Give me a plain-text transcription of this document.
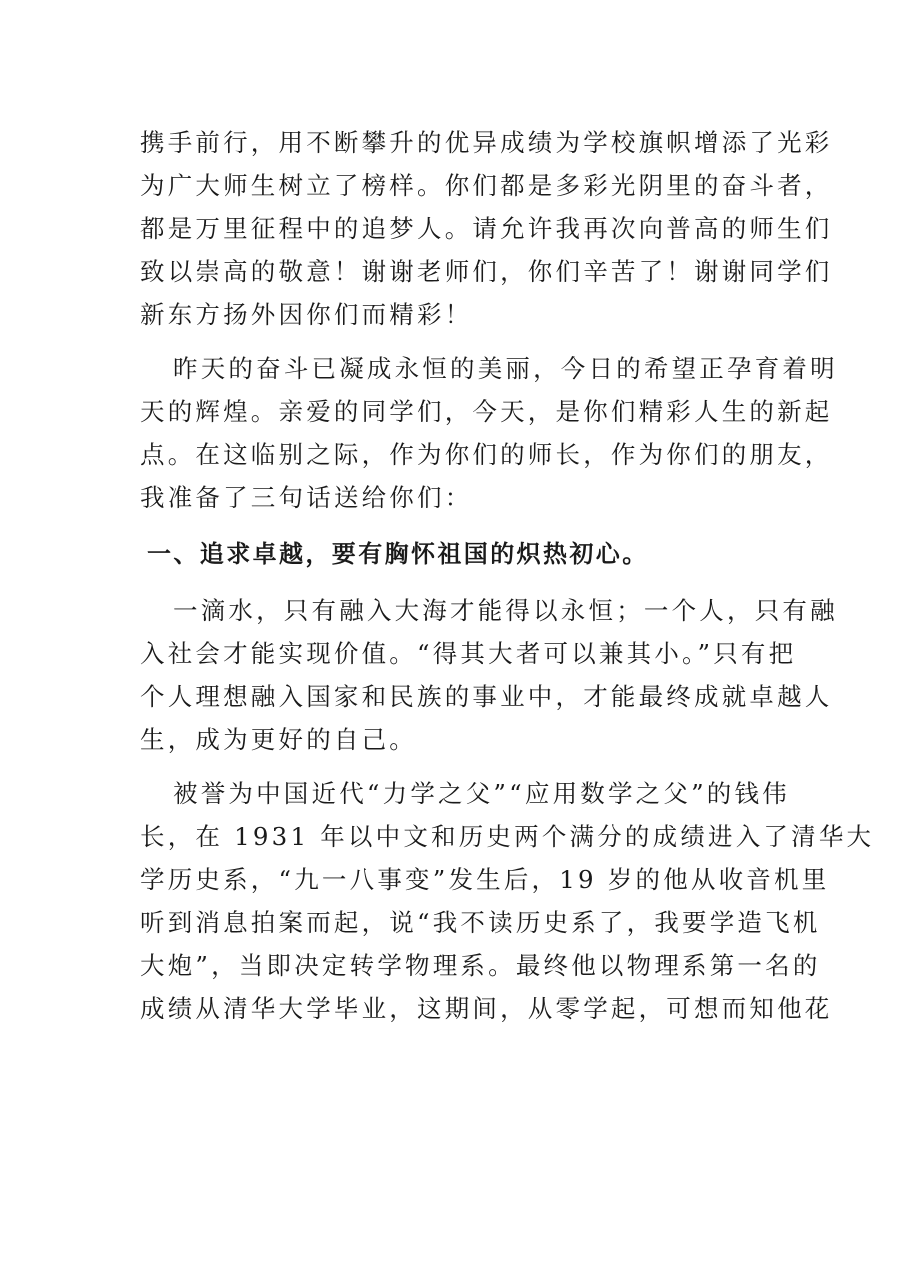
携手前行，用不断攀升的优异成绩为学校旗帜增添了光彩
为广大师生树立了榜样。你们都是多彩光阴里的奋斗者，
都是万里征程中的追梦人。请允许我再次向普高的师生们
致以崇高的敬意！谢谢老师们，你们辛苦了！谢谢同学们
新东方扬外因你们而精彩！
昨天的奋斗已凝成永恒的美丽，今日的希望正孕育着明
天的辉煌。亲爱的同学们，今天，是你们精彩人生的新起
点。在这临别之际，作为你们的师长，作为你们的朋友，
我准备了三句话送给你们：
一、追求卓越，要有胸怀祖国的炽热初心。
一滴水，只有融入大海才能得以永恒；一个人，只有融
入社会才能实现价值。“得其大者可以兼其小。”只有把
个人理想融入国家和民族的事业中，才能最终成就卓越人
生，成为更好的自己。
被誉为中国近代“力学之父”“应用数学之父”的钱伟
长，在 1931 年以中文和历史两个满分的成绩进入了清华大
学历史系，“九一八事变”发生后，19 岁的他从收音机里
听到消息拍案而起，说“我不读历史系了，我要学造飞机
大炮”，当即决定转学物理系。最终他以物理系第一名的
成绩从清华大学毕业，这期间，从零学起，可想而知他花
